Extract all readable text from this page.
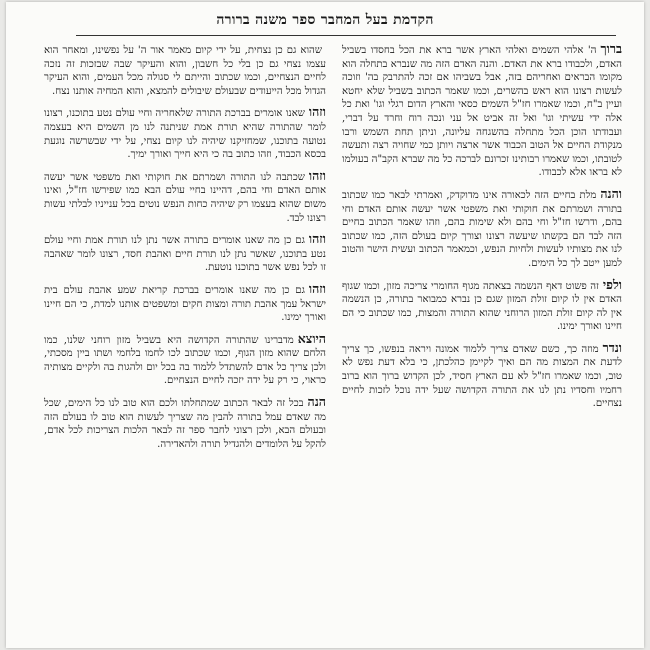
הקדמת בעל המחבר ספר משנה ברורה

ברוךה' אלהי השמים ואלהי הארץ אשר ברא את הכל בחסדו בשביל האדם, ולכבודו ברא את האדם. והנה האדם הזה מה שנברא בתחלה הוא מקומו הבראים ואחריהם בזה, אבל בשביהו אם זכה להתרבק בה' וזוכה לעשות רצונו הוא ראש בהשרים, וכמו שאמר הכתוב בשביל שלא יחטא ועיין ב"ח, וכמו שאמרו חז"ל השמים כסאי והארץ הדום רגלי וגו' ואת כל אלה ידי עשיתי וגו' ואל זה אביט אל עני ונכה רוח וחרד על דברי, ועבודתו הוכן הכל מתחלה בהשגחה עליונה, וניתן תחת השמש ורבו מנקודת החיים אל הטוב הכבוד אשר ארצה ויותן כמי שחויה רצה ותעשה לטובתו, וכמו שאמרו רבותינו זכרונם לברכה כל מה שברא הקב"ה בעולמו לא בראו אלא לכבודו.

והנהמלת בחיים הזה לכאורה אינו מדוקדק, ואמרתי לבאר כמו שכתוב בתורה ושמרתם את חוקותי ואת משפטי אשר יעשה אותם האדם וחי בהם, ודרשו חז"ל וחי בהם ולא שימות בהם, וזהו שאמר הכתוב בחיים הזה לבד הם בקשתו שיעשה רצונו וצורך קיום בעולם הזה, כמו שכתוב לנו את מצותיו לעשות ולחיות הנפש, וכמאמר הכתוב ועשית הישר והטוב למען ייטב לך כל הימים.

ולפיזה פשוט דאף הנשמה בצאתה מגוף החומרי צריכה מזון, וכמו שגוף האדם אין לו קיום זולת המזון שגם כן נברא כמבואר בתורה, כן הנשמה אין לה קיום זולת המזון הרוחני שהוא התורה והמצות, כמו שכתוב כי הם חיינו ואורך ימינו.

ונדרמוזה כך, כשם שאדם צריך ללמוד אמונה ויראה בנפשו, כך צריך לדעת את המצות מה הם ואיך לקיימן כהלכתן, כי בלא דעת נפש לא טוב, וכמו שאמרו חז"ל לא עם הארץ חסיד, לכן הקדוש ברוך הוא ברוב רחמיו וחסדיו נתן לנו את התורה הקדושה שעל ידה נוכל לזכות לחיים נצחיים.

שהוא גם כן נצחית, על ידי קיום מאמר אור ה' על נפשינו, ומאחר הוא עצמו נצחי גם כן בלי כל חשבון, והוא והעיקר שבה שבזכות זה נזכה לחיים הנצחיים, וכמו שכתוב והייתם לי סגולה מכל העמים, והוא העיקר הגדול מכל הייעודים שבעולם שיבולים להמצא, והוא המחיה אותנו נצח.

וזהושאנו אומרים בברכת התורה שלאחריה וחיי עולם נטע בתוכנו, רצונו לומר שהתורה שהיא תורת אמת שניתנה לנו מן השמים היא בעצמה נטועה בתוכנו, שמחזיקנו שיהיה לנו קיום נצחי, על ידי שבשרשה נוגעת בכסא הכבוד, וזהו כתוב בה כי היא חייך ואורך ימיך.

וזהושכתבה לנו התורה ושמרתם את חוקותי ואת משפטי אשר יעשה אותם האדם וחי בהם, דהיינו בחיי עולם הבא כמו שפירשו חז"ל, ואינו משום שהוא בעצמו רק שיהיה כחות הנפש נוטים בכל ענייניו לבלתי עשות רצונו לבד.

וזהוגם כן מה שאנו אומרים בתורה אשר נתן לנו תורת אמת וחיי עולם נטע בתוכנו, שאשר נתן לנו תורת חיים ואהבת חסד, רצונו לומר שאהבה זו לכל נפש אשר בתוכנו נוטעת.

וזהוגם כן מה שאנו אומרים בברכת קריאת שמע אהבת עולם בית ישראל עמך אהבת תורה ומצות חקים ומשפטים אותנו למדת, כי הם חיינו ואורך ימינו.

היוצאמדברינו שהתורה הקדושה היא בשביל מזון רוחני שלנו, כמו הלחם שהוא מזון הגוף, וכמו שכתוב לכו לחמו בלחמי ושתו ביין מסכתי, ולכן צריך כל אדם להשתדל ללמוד בה בכל יום ולהגות בה ולקיים מצותיה כראוי, כי רק על ידה יזכה לחיים הנצחיים.

הנהבכל זה לבאר הכתוב שמתחלתו ולכם הוא טוב לנו כל הימים, שכל מה שאדם עמל בתורה להבין מה שצריך לעשות הוא טוב לו בעולם הזה ובעולם הבא, ולכן רצוני לחבר ספר זה לבאר הלכות הצריכות לכל אדם, להקל על הלומדים ולהגדיל תורה ולהאדירה.
